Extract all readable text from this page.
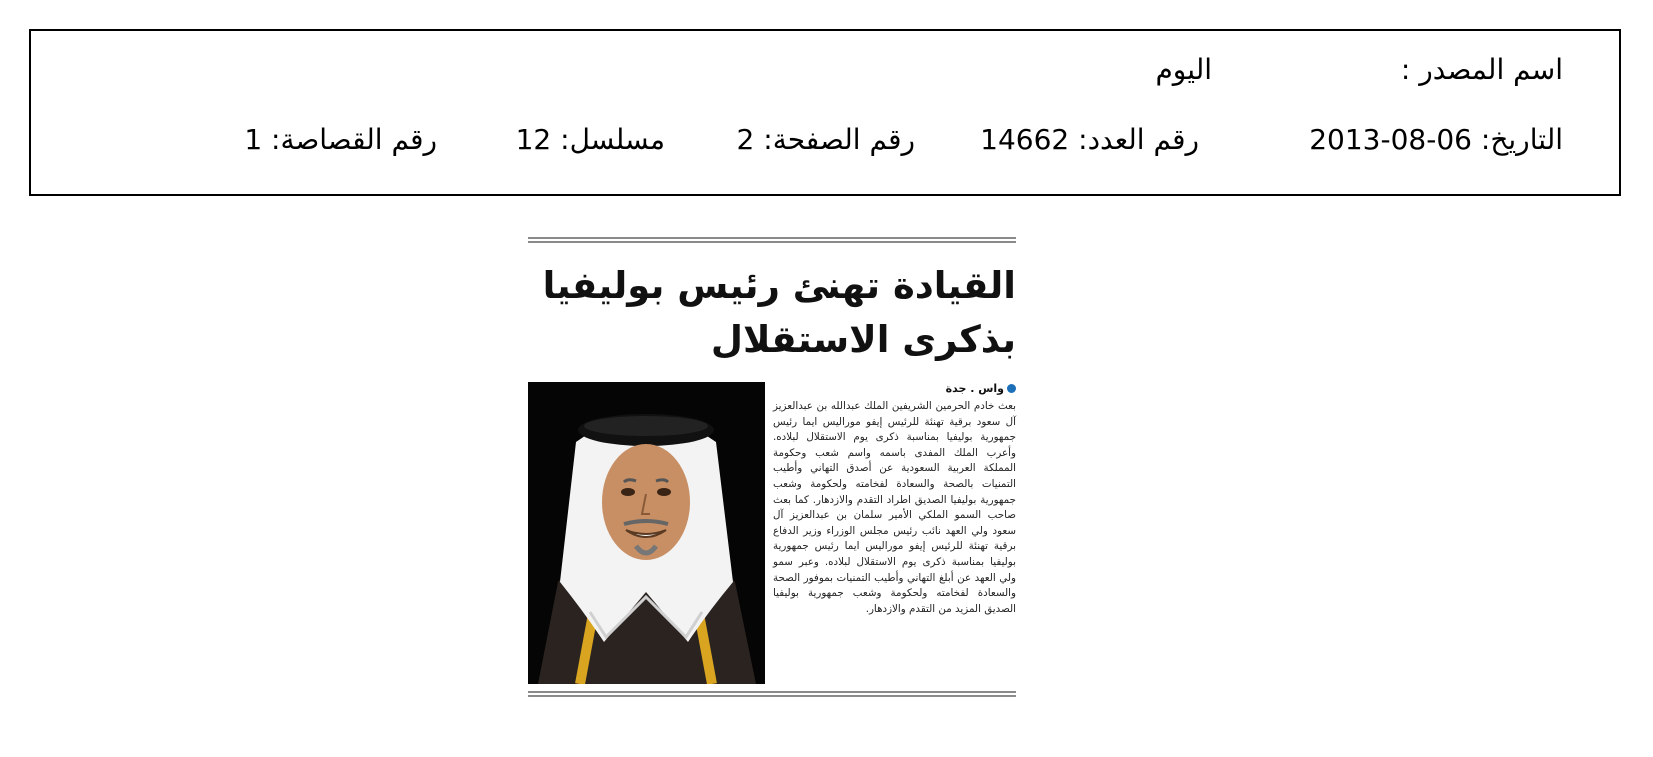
اسم المصدر :
اليوم
التاريخ: 06-08-2013
رقم العدد: 14662
رقم الصفحة: 2
مسلسل: 12
رقم القصاصة: 1
القيادة تهنئ رئيس بوليفيا
بذكرى الاستقلال
واس . جدة
بعث خادم الحرمين الشريفين الملك عبدالله بن عبدالعزيز آل سعود برقية تهنئة للرئيس إيفو موراليس ايما رئيس جمهورية بوليفيا بمناسبة ذكرى يوم الاستقلال لبلاده. وأعرب الملك المفدى باسمه واسم شعب وحكومة المملكة العربية السعودية عن أصدق التهاني وأطيب التمنيات بالصحة والسعادة لفخامته ولحكومة وشعب جمهورية بوليفيا الصديق اطراد التقدم والازدهار. كما بعث صاحب السمو الملكي الأمير سلمان بن عبدالعزيز آل سعود ولي العهد نائب رئيس مجلس الوزراء وزير الدفاع برقية تهنئة للرئيس إيفو موراليس ايما رئيس جمهورية بوليفيا بمناسبة ذكرى يوم الاستقلال لبلاده. وعبر سمو ولي العهد عن أبلغ التهاني وأطيب التمنيات بموفور الصحة والسعادة لفخامته ولحكومة وشعب جمهورية بوليفيا الصديق المزيد من التقدم والازدهار.
